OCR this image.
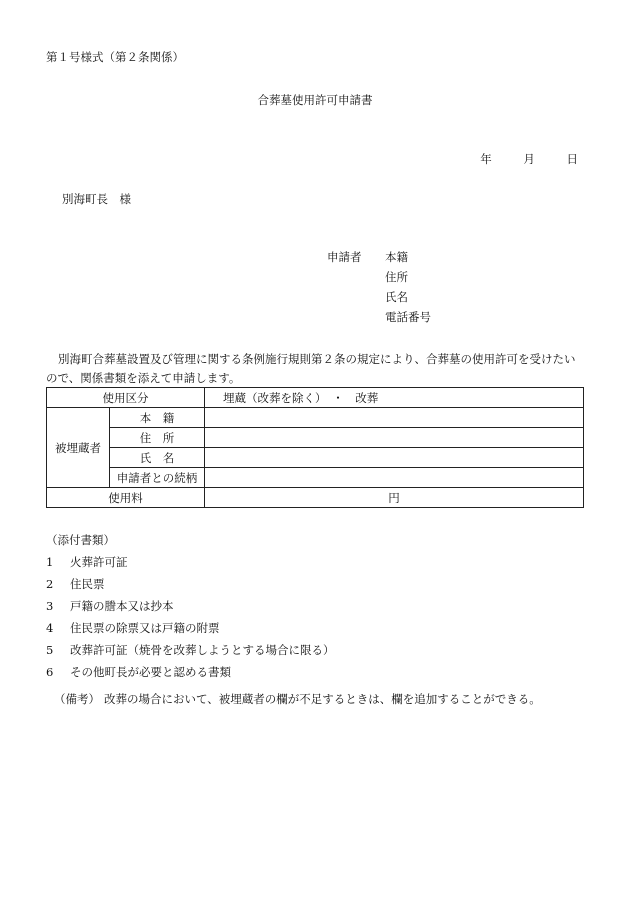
第１号様式（第２条関係）
合葬墓使用許可申請書
年	月	日
別海町長　様
申請者 本籍
住所
氏名
電話番号
別海町合葬墓設置及び管理に関する条例施行規則第２条の規定により、合葬墓の使用許可を受けたいので、関係書類を添えて申請します。
使用区分		埋蔵（改葬を除く）　・　改葬
被埋蔵者	本　籍	
	住　所	
	氏　名	
	申請者との続柄	
使用料		円
（添付書類）
1 火葬許可証
2 住民票
3 戸籍の謄本又は抄本
4 住民票の除票又は戸籍の附票
5 改葬許可証（焼骨を改葬しようとする場合に限る）
6 その他町長が必要と認める書類
（備考） 改葬の場合において、被埋蔵者の欄が不足するときは、欄を追加することができる。
